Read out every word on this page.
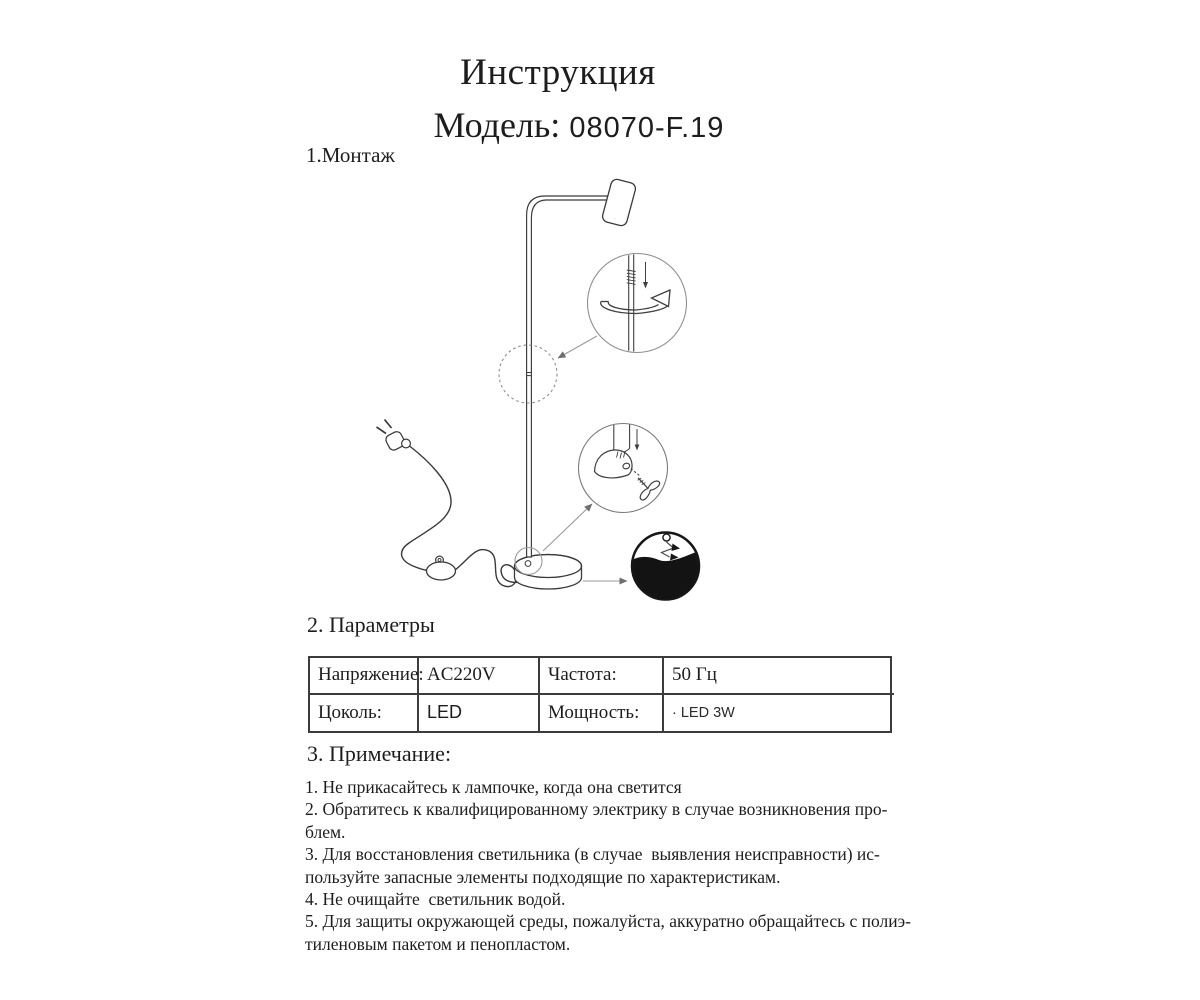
Инструкция
Модель: 08070-F.19
1.Монтаж
2. Параметры
Напряжение: AC220V	Частота:	50 Гц
Цоколь:	LED	Мощность:	· LED 3W
3. Примечание:
1. Не прикасайтесь к лампочке, когда она светится
2. Обратитесь к квалифицированному электрику в случае возникновения про-
блем.
3. Для восстановления светильника (в случае  выявления неисправности) ис-
пользуйте запасные элементы подходящие по характеристикам.
4. Не очищайте  светильник водой.
5. Для защиты окружающей среды, пожалуйста, аккуратно обращайтесь с полиэ-
тиленовым пакетом и пенопластом.
